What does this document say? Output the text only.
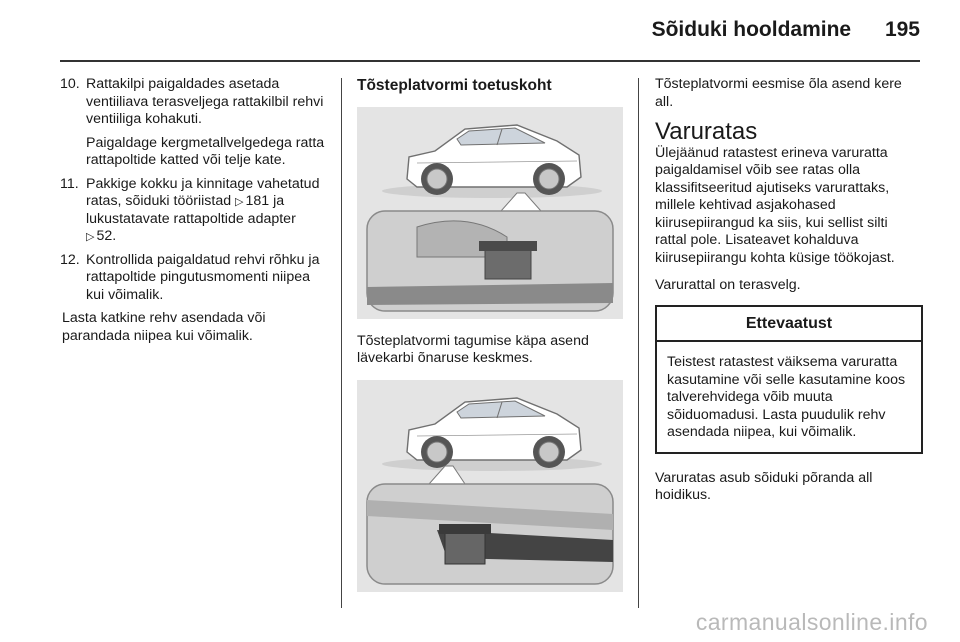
Sõiduki hooldamine 195
10. Rattakilpi paigaldades asetada ventiiliava terasveljega rattakilbil rehvi ventiiliga kohakuti.

Paigaldage kergmetallvelgedega ratta rattapoltide katted või telje kate.

11. Pakkige kokku ja kinnitage vahetatud ratas, sõiduki tööriistad ▷ 181 ja lukustatavate rattapoltide adapter ▷ 52.

12. Kontrollida paigaldatud rehvi rõhku ja rattapoltide pingutusmomenti niipea kui võimalik.

Lasta katkine rehv asendada või parandada niipea kui võimalik.

Tõsteplatvormi toetuskoht

Tõsteplatvormi tagumise käpa asend lävekarbi õnaruse keskmes.

Tõsteplatvormi eesmise õla asend kere all.

Varuratas

Ülejäänud ratastest erineva varuratta paigaldamisel võib see ratas olla klassifitseeritud ajutiseks varurattaks, millele kehtivad asjakohased kiirusepiirangud ka siis, kui sellist silti rattal pole. Lisateavet kohalduva kiirusepiirangu kohta küsige töökojast.

Varurattal on terasvelg.

Ettevaatust
Teistest ratastest väiksema varuratta kasutamine või selle kasutamine koos talverehvidega võib muuta sõiduomadusi. Lasta puudulik rehv asendada niipea, kui võimalik.

Varuratas asub sõiduki põranda all hoidikus.

carmanualsonline.info
